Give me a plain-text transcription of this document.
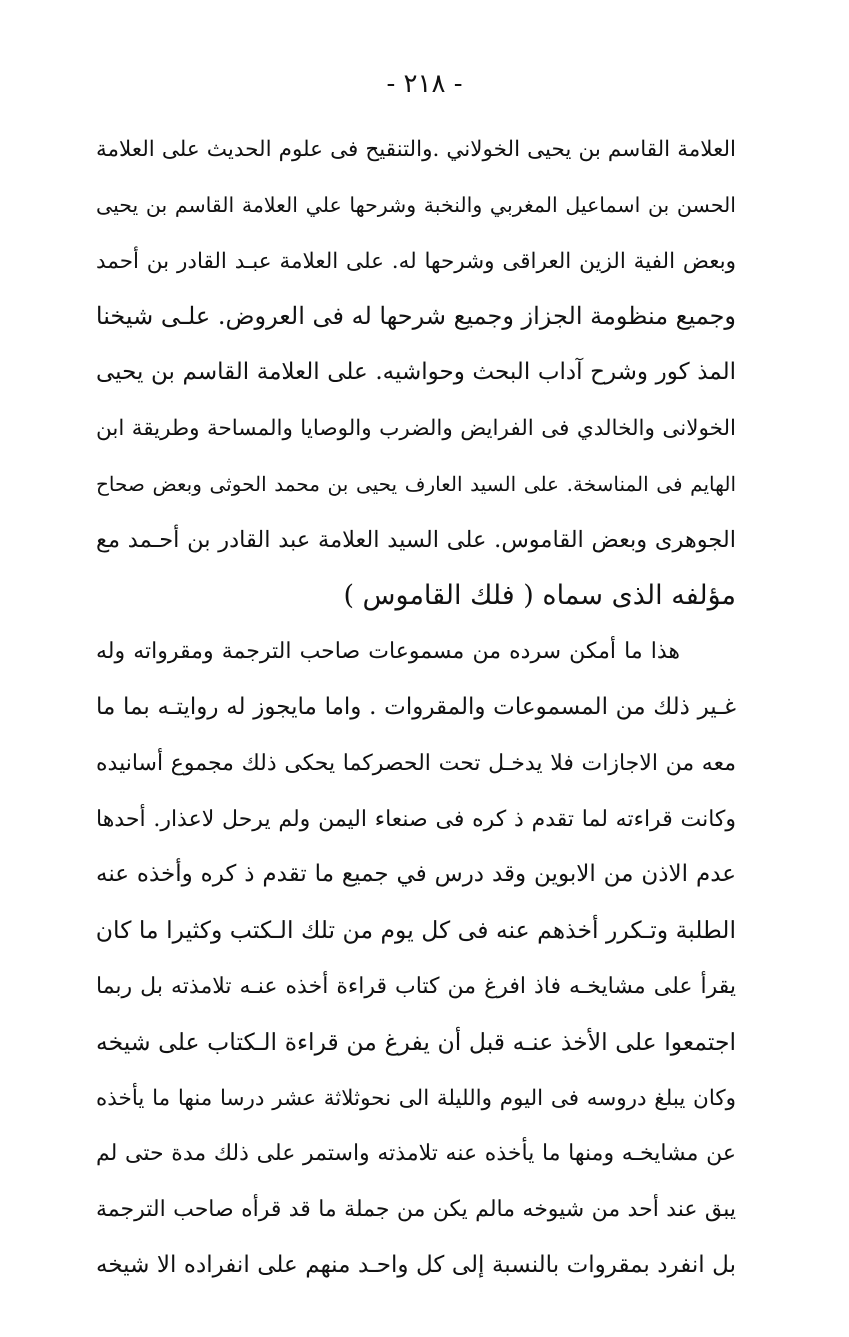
- ٢١٨ -
العلامة القاسم بن يحيى الخولاني .والتنقيح فى علوم الحديث على العلامة
الحسن بن اسماعيل المغربي والنخبة وشرحها علي العلامة القاسم بن يحيى
وبعض الفية الزين العراقى وشرحها له. على العلامة عبـد القادر بن أحمد
وجميع منظومة الجزاز وجميع شرحها له فى العروض. علـى شيخنا
المذ كور وشرح آداب البحث وحواشيه. على العلامة القاسم بن يحيى
الخولانى والخالدي فى الفرايض والضرب والوصايا والمساحة وطريقة ابن
الهايم فى المناسخة. على السيد العارف يحيى بن محمد الحوثى وبعض صحاح
الجوهرى وبعض القاموس. على السيد العلامة عبد القادر بن أحـمد مع
مؤلفه الذى سماه ( فلك القاموس )
هذا ما أمكن سرده من مسموعات صاحب الترجمة ومقرواته وله
غـير ذلك من المسموعات والمقروات . واما مايجوز له روايتـه بما ما
معه من الاجازات فلا يدخـل تحت الحصركما يحكى ذلك مجموع أسانيده
وكانت قراءته لما تقدم ذ كره فى صنعاء اليمن ولم يرحل لاعذار. أحدها
عدم الاذن من الابوين وقد درس في جميع ما تقدم ذ كره وأخذه عنه
الطلبة وتـكرر أخذهم عنه فى كل يوم من تلك الـكتب وكثيرا ما كان
يقرأ على مشايخـه فاذ افرغ من كتاب قراءة أخذه عنـه تلامذته بل ربما
اجتمعوا على الأخذ عنـه قبل أن يفرغ من قراءة الـكتاب على شيخه
وكان يبلغ دروسه فى اليوم والليلة الى نحوثلاثة عشر درسا منها ما يأخذه
عن مشايخـه ومنها ما يأخذه عنه تلامذته واستمر على ذلك مدة حتى لم
يبق عند أحد من شيوخه مالم يكن من جملة ما قد قرأه صاحب الترجمة
بل انفرد بمقروات بالنسبة إلى كل واحـد منهم على انفراده الا شيخه
